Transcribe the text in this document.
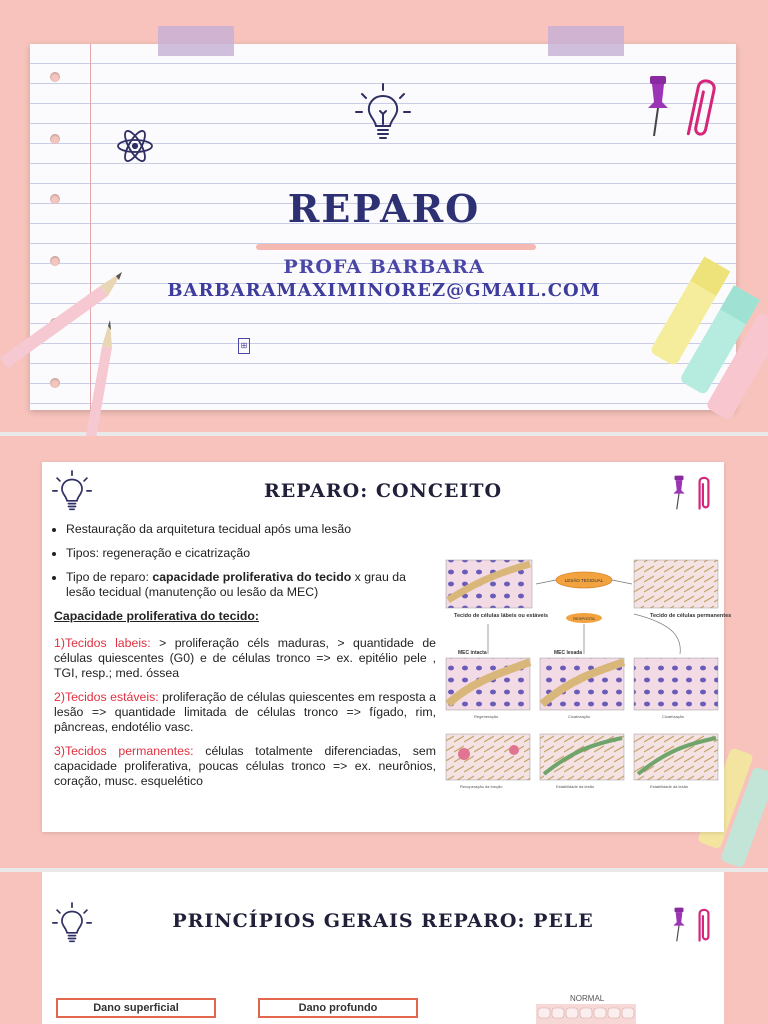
REPARO
PROFA BARBARA
BARBARAMAXIMINOREZ@GMAIL.COM
⊞
REPARO: CONCEITO
• Restauração da arquitetura tecidual após uma lesão
• Tipos: regeneração e cicatrização
• Tipo de reparo: capacidade proliferativa do tecido x grau da lesão tecidual (manutenção ou lesão da MEC)

Capacidade proliferativa do tecido:

1)Tecidos labeis: > proliferação céls maduras, > quantidade de células quiescentes (G0) e de células tronco => ex. epitélio pele , TGI, resp.; med. óssea

2)Tecidos estáveis: proliferação de células quiescentes em resposta a lesão => quantidade limitada de células tronco => fígado, rim, pâncreas, endotélio vasc.

3)Tecidos permanentes: células totalmente diferenciadas, sem capacidade proliferativa, poucas células tronco => ex. neurônios, coração, musc. esquelético

Tecido de células lábeis ou estáveis	Tecido de células permanentes
LESÃO TECIDUAL
RESPOSTA
MEC intacta	MEC lesada
Regeneração	Cicatrização	Cicatrização
Recuperação da função	Estabilidade da lesão	Estabilidade da lesão
PRINCÍPIOS GERAIS REPARO: PELE
Dano superficial	Dano profundo
NORMAL
